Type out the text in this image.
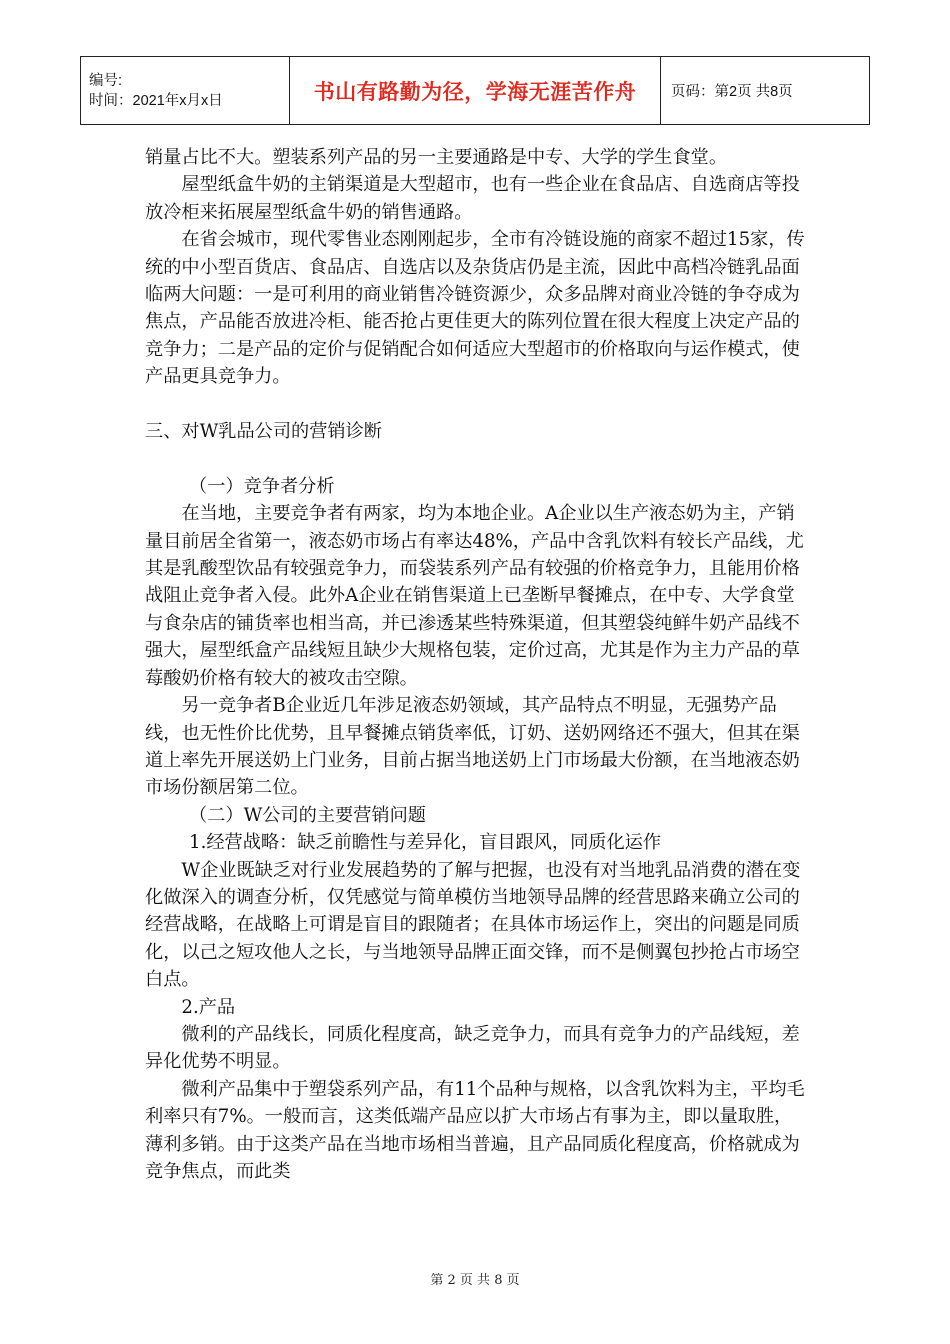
编号:
时间：2021年x月x日	书山有路勤为径，学海无涯苦作舟	页码：第2页 共8页

销量占比不大。塑装系列产品的另一主要通路是中专、大学的学生食堂。

屋型纸盒牛奶的主销渠道是大型超市，也有一些企业在食品店、自选商店等投放冷柜来拓展屋型纸盒牛奶的销售通路。

在省会城市，现代零售业态刚刚起步，全市有冷链设施的商家不超过15家，传统的中小型百货店、食品店、自选店以及杂货店仍是主流，因此中高档冷链乳品面临两大问题：一是可利用的商业销售冷链资源少，众多品牌对商业冷链的争夺成为焦点，产品能否放进冷柜、能否抢占更佳更大的陈列位置在很大程度上决定产品的竞争力；二是产品的定价与促销配合如何适应大型超市的价格取向与运作模式，使产品更具竞争力。

三、对W乳品公司的营销诊断

（一）竞争者分析

在当地，主要竞争者有两家，均为本地企业。A企业以生产液态奶为主，产销量目前居全省第一，液态奶市场占有率达48%，产品中含乳饮料有较长产品线，尤其是乳酸型饮品有较强竞争力，而袋装系列产品有较强的价格竞争力，且能用价格战阻止竞争者入侵。此外A企业在销售渠道上已垄断早餐摊点，在中专、大学食堂与食杂店的铺货率也相当高，并已渗透某些特殊渠道，但其塑袋纯鲜牛奶产品线不强大，屋型纸盒产品线短且缺少大规格包装，定价过高，尤其是作为主力产品的草莓酸奶价格有较大的被攻击空隙。

另一竞争者B企业近几年涉足液态奶领域，其产品特点不明显，无强势产品线，也无性价比优势，且早餐摊点销货率低，订奶、送奶网络还不强大，但其在渠道上率先开展送奶上门业务，目前占据当地送奶上门市场最大份额，在当地液态奶市场份额居第二位。

（二）W公司的主要营销问题

1.经营战略：缺乏前瞻性与差异化，盲目跟风，同质化运作

W企业既缺乏对行业发展趋势的了解与把握，也没有对当地乳品消费的潜在变化做深入的调查分析，仅凭感觉与简单模仿当地领导品牌的经营思路来确立公司的经营战略，在战略上可谓是盲目的跟随者；在具体市场运作上，突出的问题是同质化，以己之短攻他人之长，与当地领导品牌正面交锋，而不是侧翼包抄抢占市场空白点。

2.产品

微利的产品线长，同质化程度高，缺乏竞争力，而具有竞争力的产品线短，差异化优势不明显。

微利产品集中于塑袋系列产品，有11个品种与规格，以含乳饮料为主，平均毛利率只有7%。一般而言，这类低端产品应以扩大市场占有事为主，即以量取胜，薄利多销。由于这类产品在当地市场相当普遍，且产品同质化程度高，价格就成为竞争焦点，而此类

第 2 页 共 8 页
